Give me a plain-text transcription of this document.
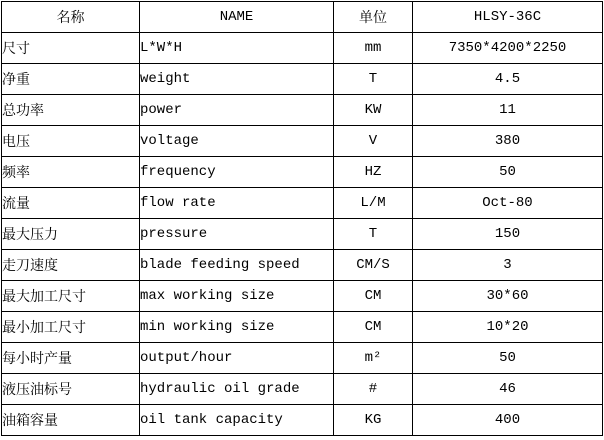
名称	NAME	单位	HLSY-36C
尺寸	L*W*H	mm	7350*4200*2250
净重	weight	T	4.5
总功率	power	KW	11
电压	voltage	V	380
频率	frequency	HZ	50
流量	flow rate	L/M	Oct-80
最大压力	pressure	T	150
走刀速度	blade feeding speed	CM/S	3
最大加工尺寸	max working size	CM	30*60
最小加工尺寸	min working size	CM	10*20
每小时产量	output/hour	m²	50
液压油标号	hydraulic oil grade	#	46
油箱容量	oil tank capacity	KG	400
